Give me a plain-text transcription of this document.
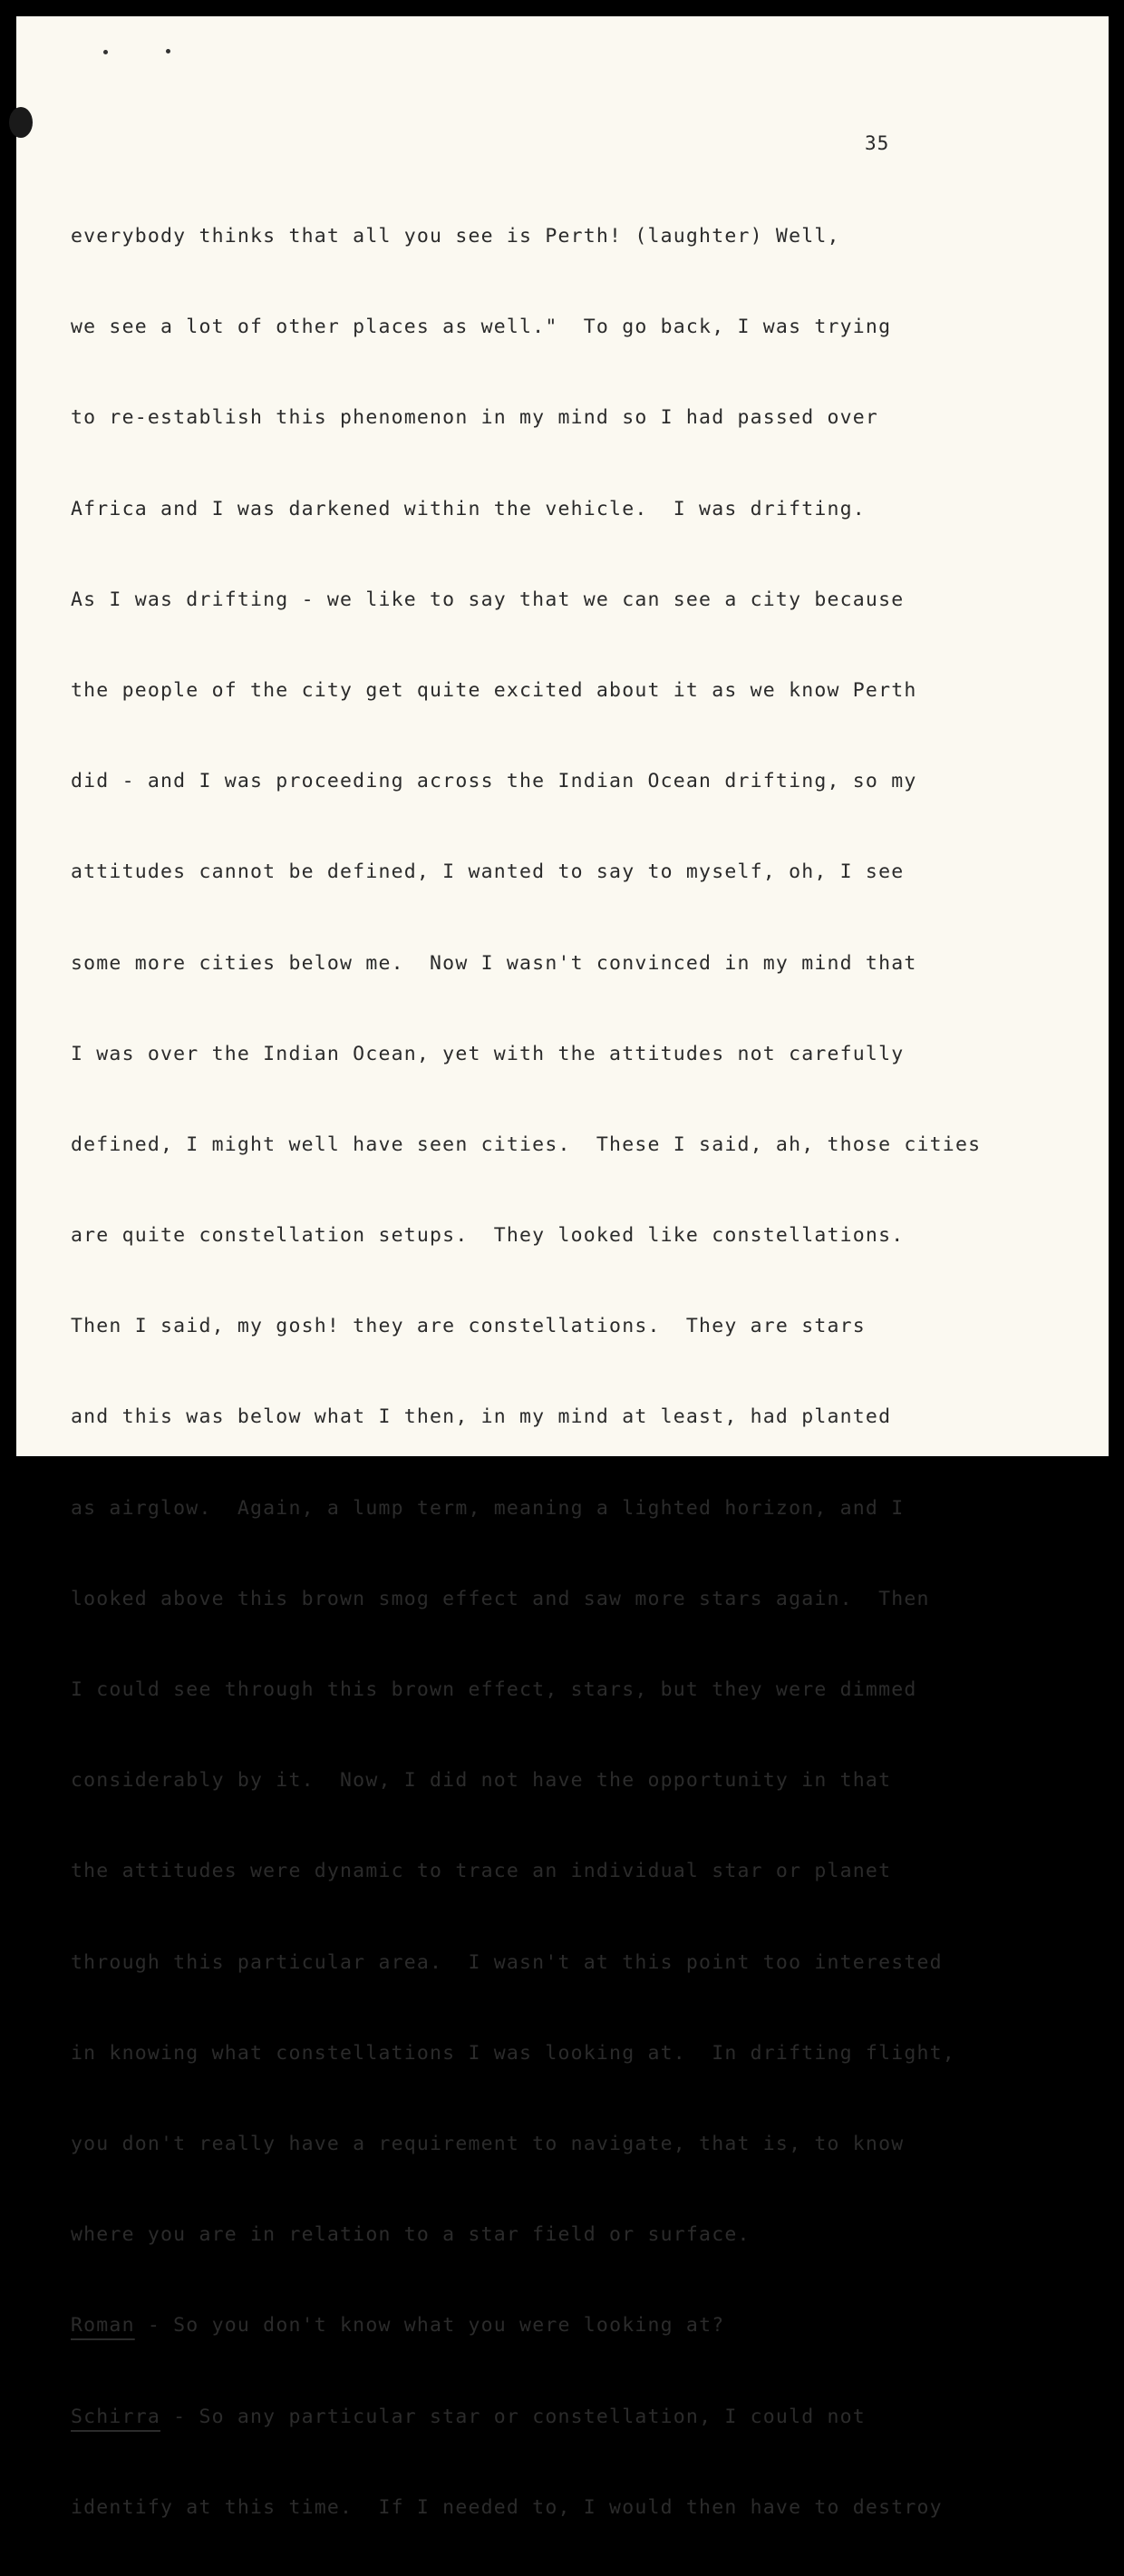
35

everybody thinks that all you see is Perth! (laughter) Well,

we see a lot of other places as well."  To go back, I was trying

to re-establish this phenomenon in my mind so I had passed over

Africa and I was darkened within the vehicle.  I was drifting.

As I was drifting - we like to say that we can see a city because

the people of the city get quite excited about it as we know Perth

did - and I was proceeding across the Indian Ocean drifting, so my

attitudes cannot be defined, I wanted to say to myself, oh, I see

some more cities below me.  Now I wasn't convinced in my mind that

I was over the Indian Ocean, yet with the attitudes not carefully

defined, I might well have seen cities.  These I said, ah, those cities

are quite constellation setups.  They looked like constellations.

Then I said, my gosh! they are constellations.  They are stars

and this was below what I then, in my mind at least, had planted

as airglow.  Again, a lump term, meaning a lighted horizon, and I

looked above this brown smog effect and saw more stars again.  Then

I could see through this brown effect, stars, but they were dimmed

considerably by it.  Now, I did not have the opportunity in that

the attitudes were dynamic to trace an individual star or planet

through this particular area.  I wasn't at this point too interested

in knowing what constellations I was looking at.  In drifting flight,

you don't really have a requirement to navigate, that is, to know

where you are in relation to a star field or surface.

Roman - So you don't know what you were looking at?

Schirra - So any particular star or constellation, I could not

identify at this time.  If I needed to, I would then have to destroy
